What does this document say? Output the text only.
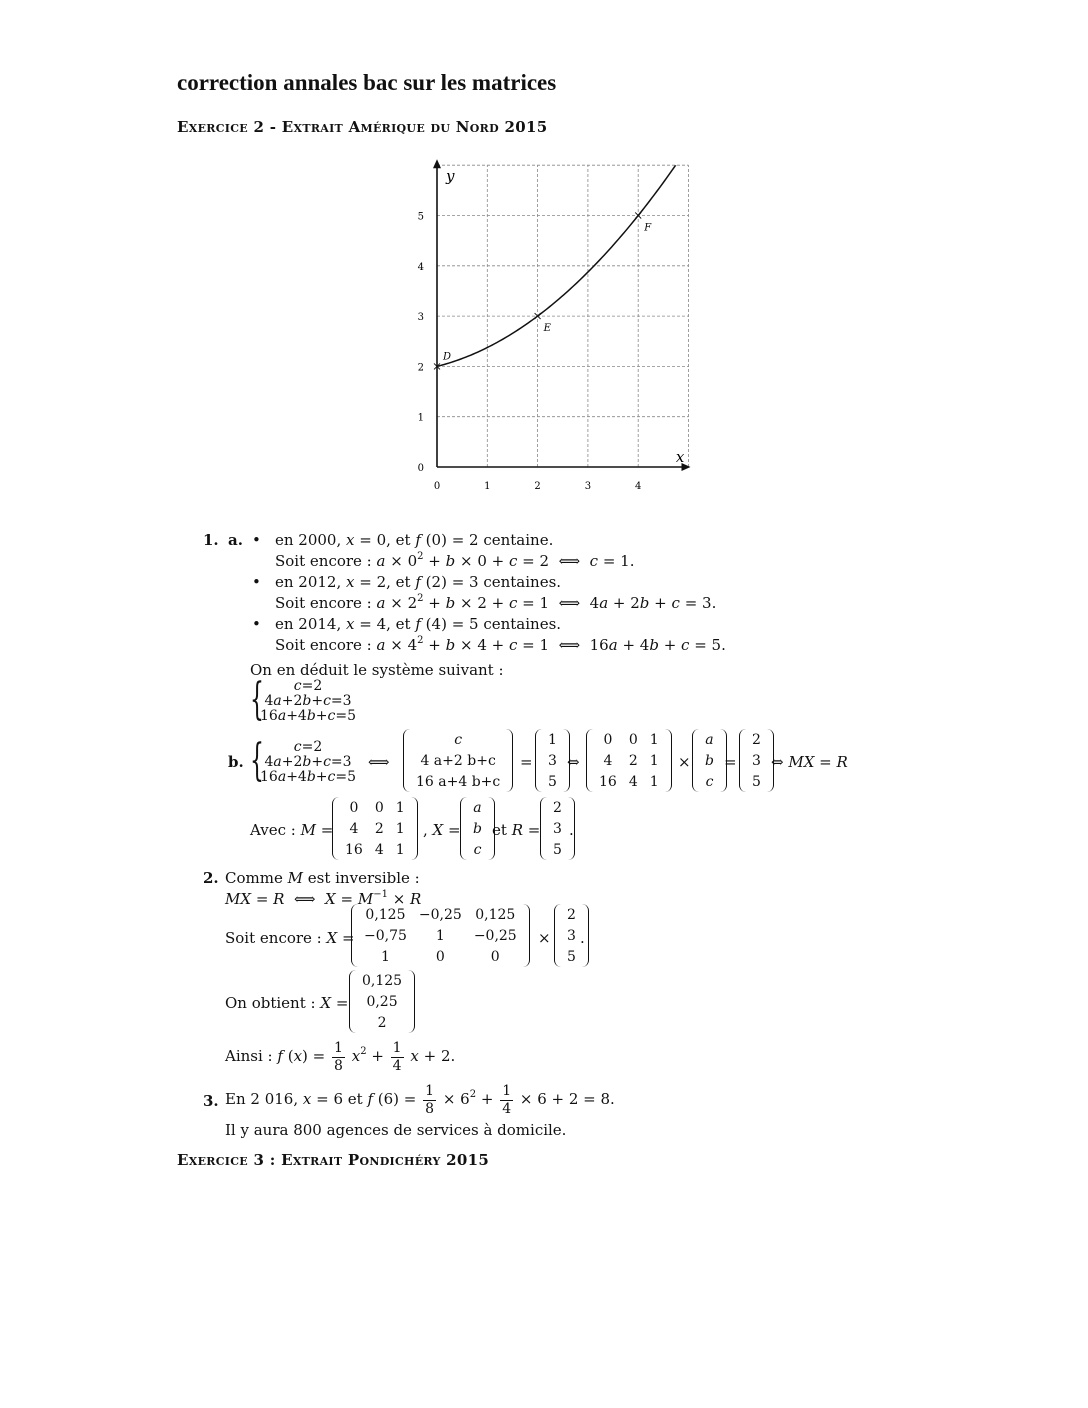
correction annales bac sur les matrices
Exercice 2 - Extrait Amérique du Nord 2015
x
y
0	1	2	3	4
0
1
2
3
4
5
D
E
F
1. a. • en 2000, x = 0, et f (0) = 2 centaine.
Soit encore : $a \times 0^2 + b \times 0 + c = 2$  ⟺  c = 1.
• en 2012, x = 2, et f (2) = 3 centaines.
Soit encore : $a \times 2^2 + b \times 2 + c = 1$  ⟺  4a + 2b + c = 3.
• en 2014, x = 4, et f (4) = 5 centaines.
Soit encore : $a \times 4^2 + b \times 4 + c = 1$  ⟺  16a + 4b + c = 5.
On en déduit le système suivant :
{	c=2
4a+2b+c=3
16a+4b+c=5
b. {	c=2
4a+2b+c=3
16a+4b+c=5
⟺
c
4 a+2 b+c
16 a+4 b+c
=
1
3
5
⇔
0	0	1
4	2	1
16	4	1
×
a
b
c
=
2
3
5
⇔ MX = R
Avec : M =
0	0	1
4	2	1
16	4	1
, X =
a
b
c
et R =
2
3
5
.
2. Comme M est inversible :
MX = R  ⟺  $X = M^{-1} \times R$
Soit encore : X =
0,125	−0,25	0,125
−0,75	1	−0,25
1	0	0
×
2
3
5
.
On obtient : X =
0,125
0,25
2
Ainsi : f $(x) = \frac{1}{8} x^2 + \frac{1}{4}$ x + 2.
3. En 2 016, x = 6 et f $(6) = \frac{1}{8} \times 6^2 + \frac{1}{4} \times 6 + 2 = 8$.
Il y aura 800 agences de services à domicile.
Exercice 3 : Extrait Pondichéry 2015
